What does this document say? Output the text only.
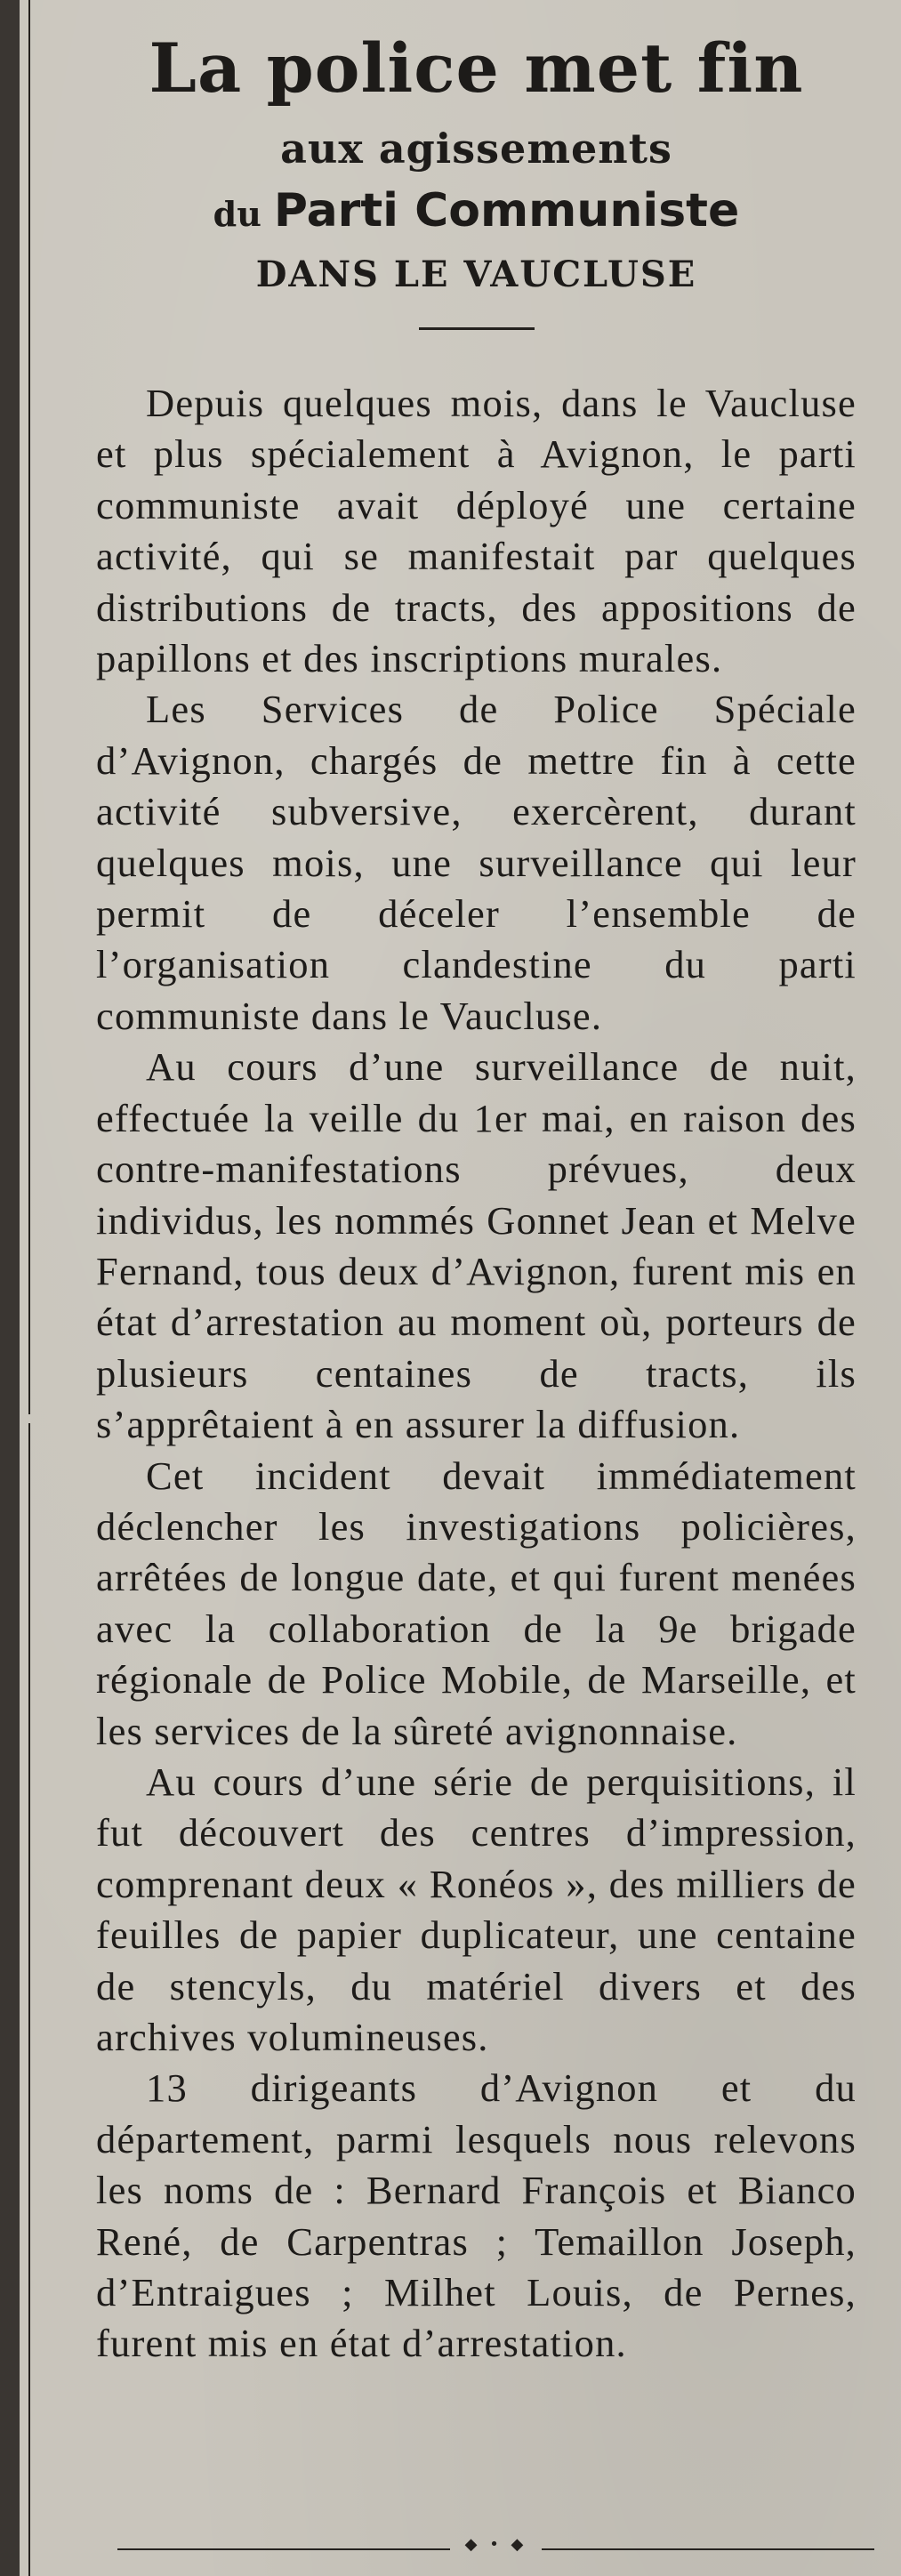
La police met fin
aux agissements
du Parti Communiste
DANS LE VAUCLUSE

Depuis quelques mois, dans le Vaucluse et plus spécialement à Avignon, le parti communiste avait déployé une certaine activité, qui se manifestait par quelques distributions de tracts, des appositions de papillons et des inscriptions murales.

Les Services de Police Spéciale d’Avignon, chargés de mettre fin à cette activité subversive, exercèrent, durant quelques mois, une surveillance qui leur permit de déceler l’ensemble de l’organisation clandestine du parti communiste dans le Vaucluse.

Au cours d’une surveillance de nuit, effectuée la veille du 1er mai, en raison des contre-manifestations prévues, deux individus, les nommés Gonnet Jean et Melve Fernand, tous deux d’Avignon, furent mis en état d’arrestation au moment où, porteurs de plusieurs centaines de tracts, ils s’apprêtaient à en assurer la diffusion.

Cet incident devait immédiatement déclencher les investigations policières, arrêtées de longue date, et qui furent menées avec la collaboration de la 9e brigade régionale de Police Mobile, de Marseille, et les services de la sûreté avignonnaise.

Au cours d’une série de perquisitions, il fut découvert des centres d’impression, comprenant deux « Ronéos », des milliers de feuilles de papier duplicateur, une centaine de stencyls, du matériel divers et des archives volumineuses.

13 dirigeants d’Avignon et du département, parmi lesquels nous relevons les noms de : Bernard François et Bianco René, de Carpentras ; Temaillon Joseph, d’Entraigues ; Milhet Louis, de Pernes, furent mis en état d’arrestation.

◆ • ◆
